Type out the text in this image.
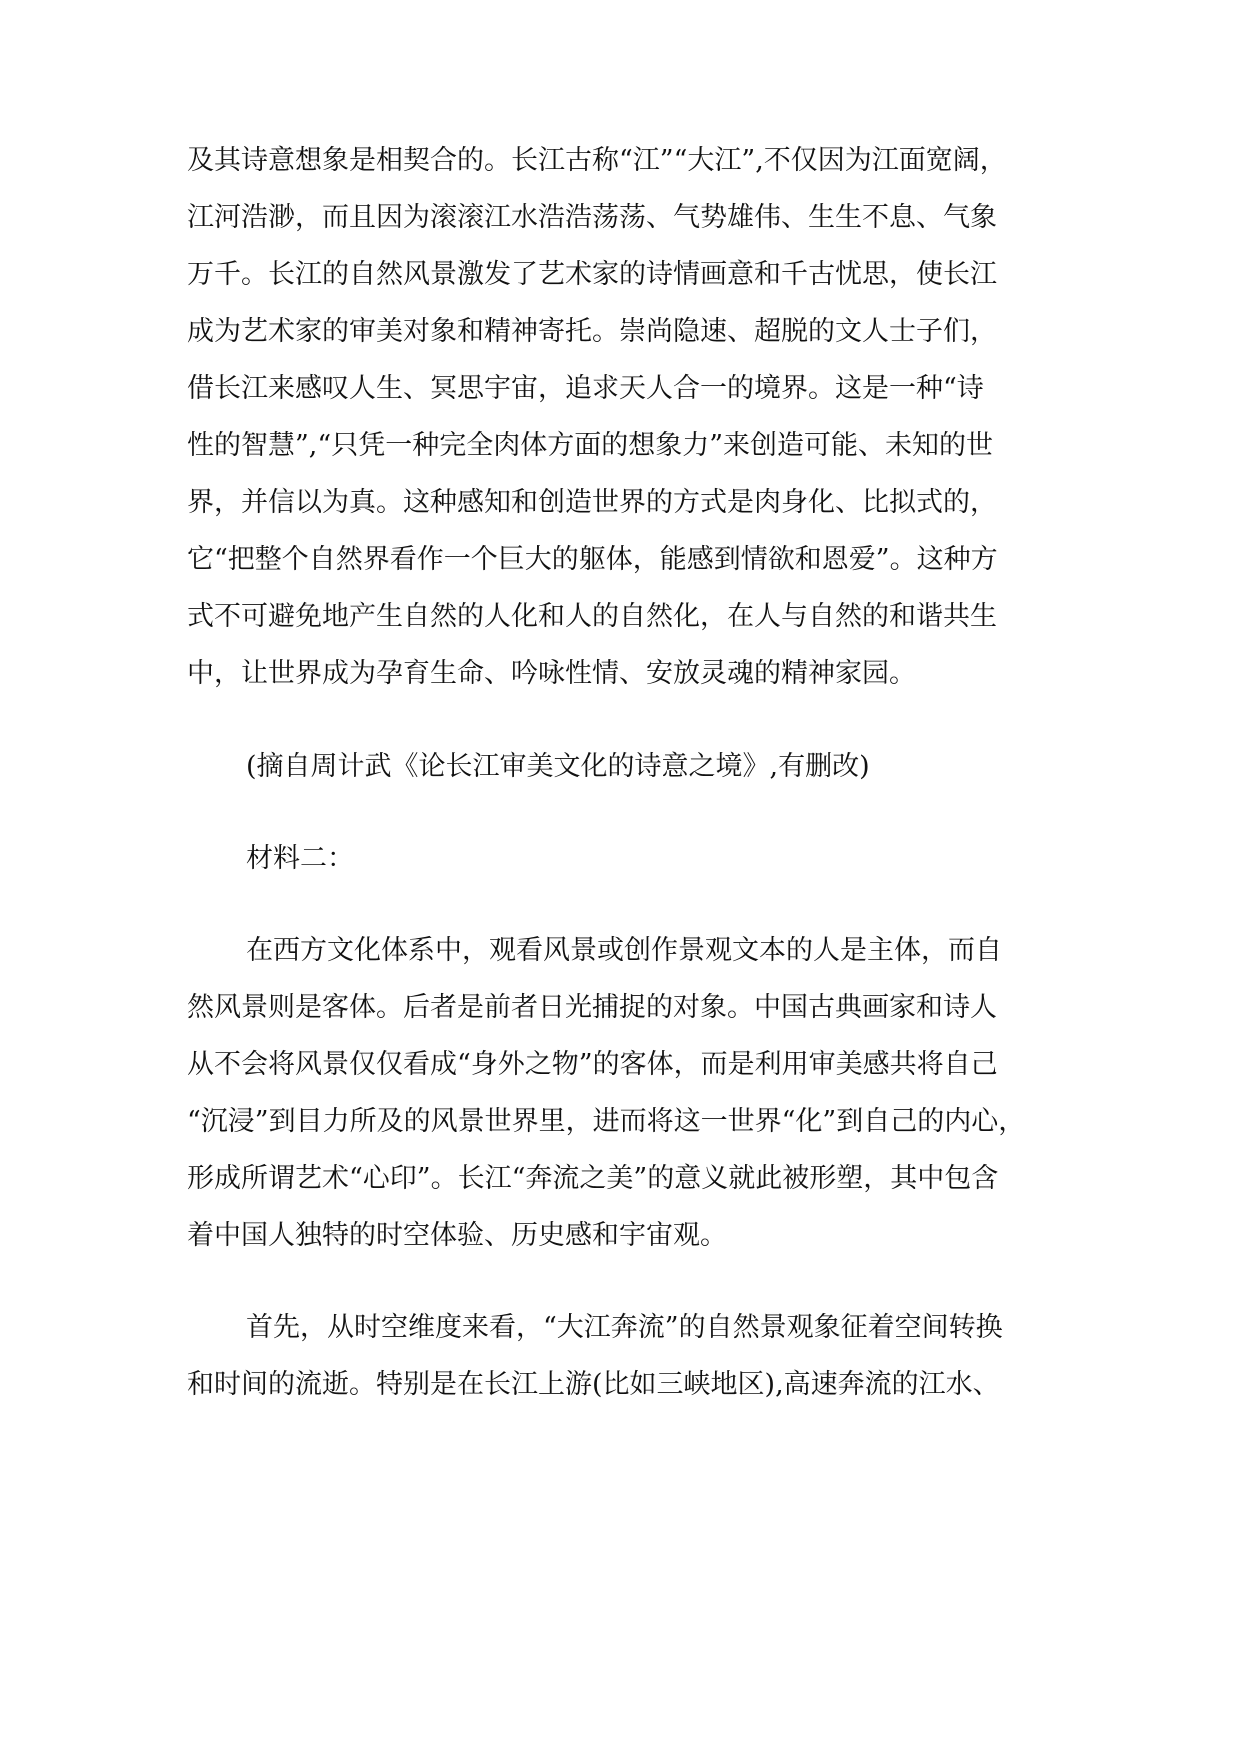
及其诗意想象是相契合的。长江古称“江”“大江”,不仅因为江面宽阔，
江河浩渺，而且因为滚滚江水浩浩荡荡、气势雄伟、生生不息、气象
万千。长江的自然风景激发了艺术家的诗情画意和千古忧思，使长江
成为艺术家的审美对象和精神寄托。崇尚隐速、超脱的文人士子们，
借长江来感叹人生、冥思宇宙，追求天人合一的境界。这是一种“诗
性的智慧”,“只凭一种完全肉体方面的想象力”来创造可能、未知的世
界，并信以为真。这种感知和创造世界的方式是肉身化、比拟式的，
它“把整个自然界看作一个巨大的躯体，能感到情欲和恩爱”。这种方
式不可避免地产生自然的人化和人的自然化，在人与自然的和谐共生
中，让世界成为孕育生命、吟咏性情、安放灵魂的精神家园。
(摘自周计武《论长江审美文化的诗意之境》,有删改)
材料二：
在西方文化体系中，观看风景或创作景观文本的人是主体，而自
然风景则是客体。后者是前者日光捕捉的对象。中国古典画家和诗人
从不会将风景仅仅看成“身外之物”的客体，而是利用审美感共将自己
“沉浸”到目力所及的风景世界里，进而将这一世界“化”到自己的内心，
形成所谓艺术“心印”。长江“奔流之美”的意义就此被形塑，其中包含
着中国人独特的时空体验、历史感和宇宙观。
首先，从时空维度来看，“大江奔流”的自然景观象征着空间转换
和时间的流逝。特别是在长江上游(比如三峡地区),高速奔流的江水、
